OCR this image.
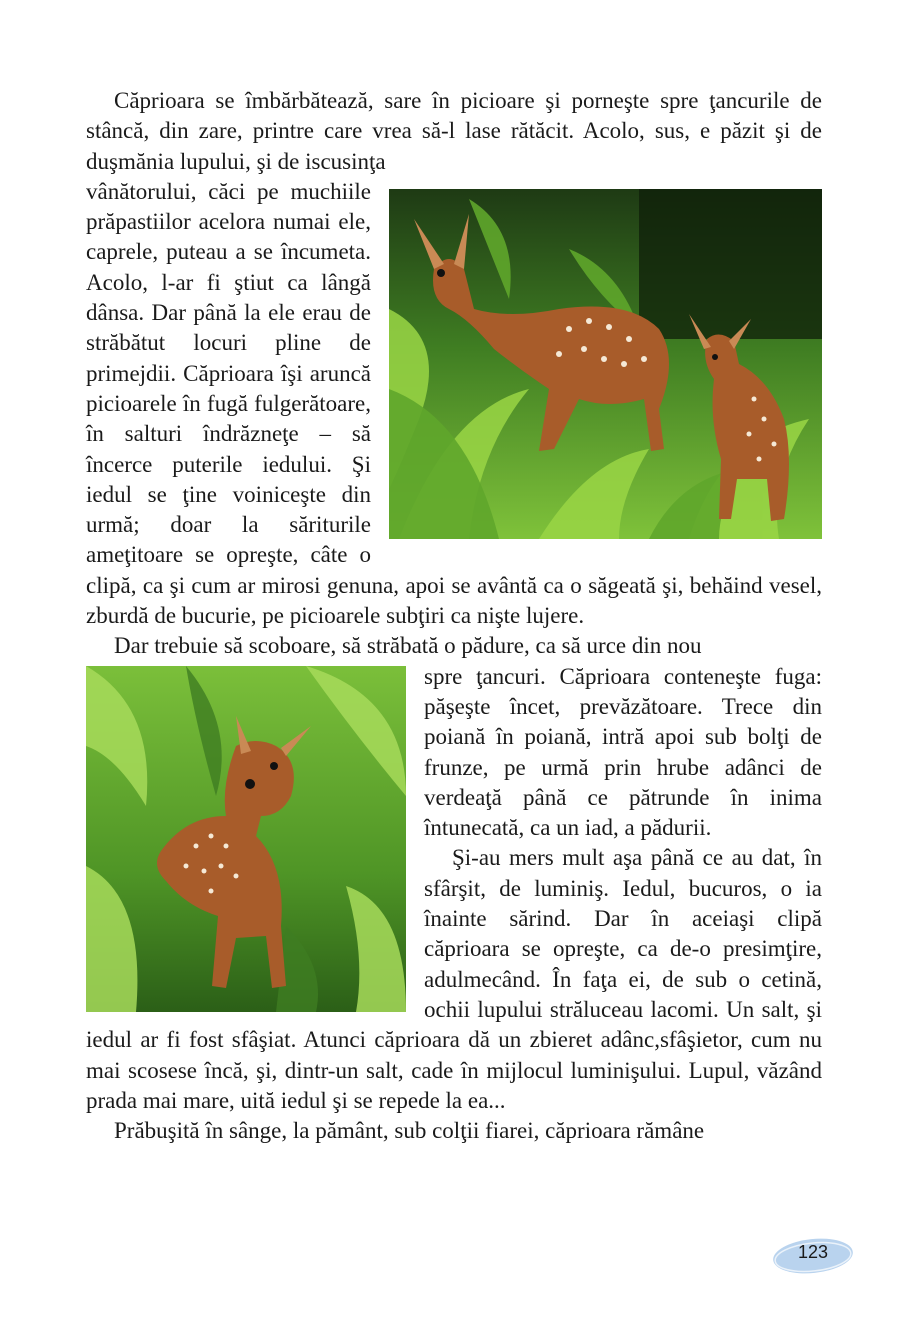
Căprioara se îmbărbătează, sare în picioare şi porneşte spre ţancurile de stâncă, din zare, printre care vrea să-l lase rătăcit. Acolo, sus, e păzit şi de duşmănia lupului, şi de iscusinţa

vânătorului, căci pe muchiile prăpastiilor acelora numai ele, caprele, puteau a se încumeta. Acolo, l-ar fi ştiut ca lângă dânsa. Dar până la ele erau de străbătut locuri pline de primejdii. Căprioara îşi aruncă picioarele în fugă fulgerătoare, în salturi îndrăzneţe – să încerce puterile iedului. Şi iedul se ţine voiniceşte din urmă; doar la săriturile ameţitoare se opreşte, câte o clipă, ca şi cum ar mirosi genuna, apoi se avântă ca o săgeată şi, behăind vesel, zburdă de bucurie, pe picioarele subţiri ca nişte lujere.

Dar trebuie să scoboare, să străbată o pădure, ca să urce din nou

spre ţancuri. Căprioara conteneşte fuga: păşeşte încet, prevăzătoare. Trece din poiană în poiană, intră apoi sub bolţi de frunze, pe urmă prin hrube adânci de verdeaţă până ce pătrunde în inima întunecată, ca un iad, a pădurii.

Şi-au mers mult aşa până ce au dat, în sfârşit, de luminiş. Iedul, bucuros, o ia înainte sărind. Dar în aceiaşi clipă căprioara se opreşte, ca de-o presimţire, adulmecând. În faţa ei, de sub o cetină, ochii lupului străluceau lacomi. Un salt, şi iedul ar fi fost sfâşiat. Atunci căprioara dă un zbieret adânc,sfâşietor, cum nu mai scosese încă, şi, dintr-un salt, cade în mijlocul luminişului. Lupul, văzând prada mai mare, uită iedul şi se repede la ea...

Prăbuşită în sânge, la pământ, sub colţii fiarei, căprioara rămâne

123
